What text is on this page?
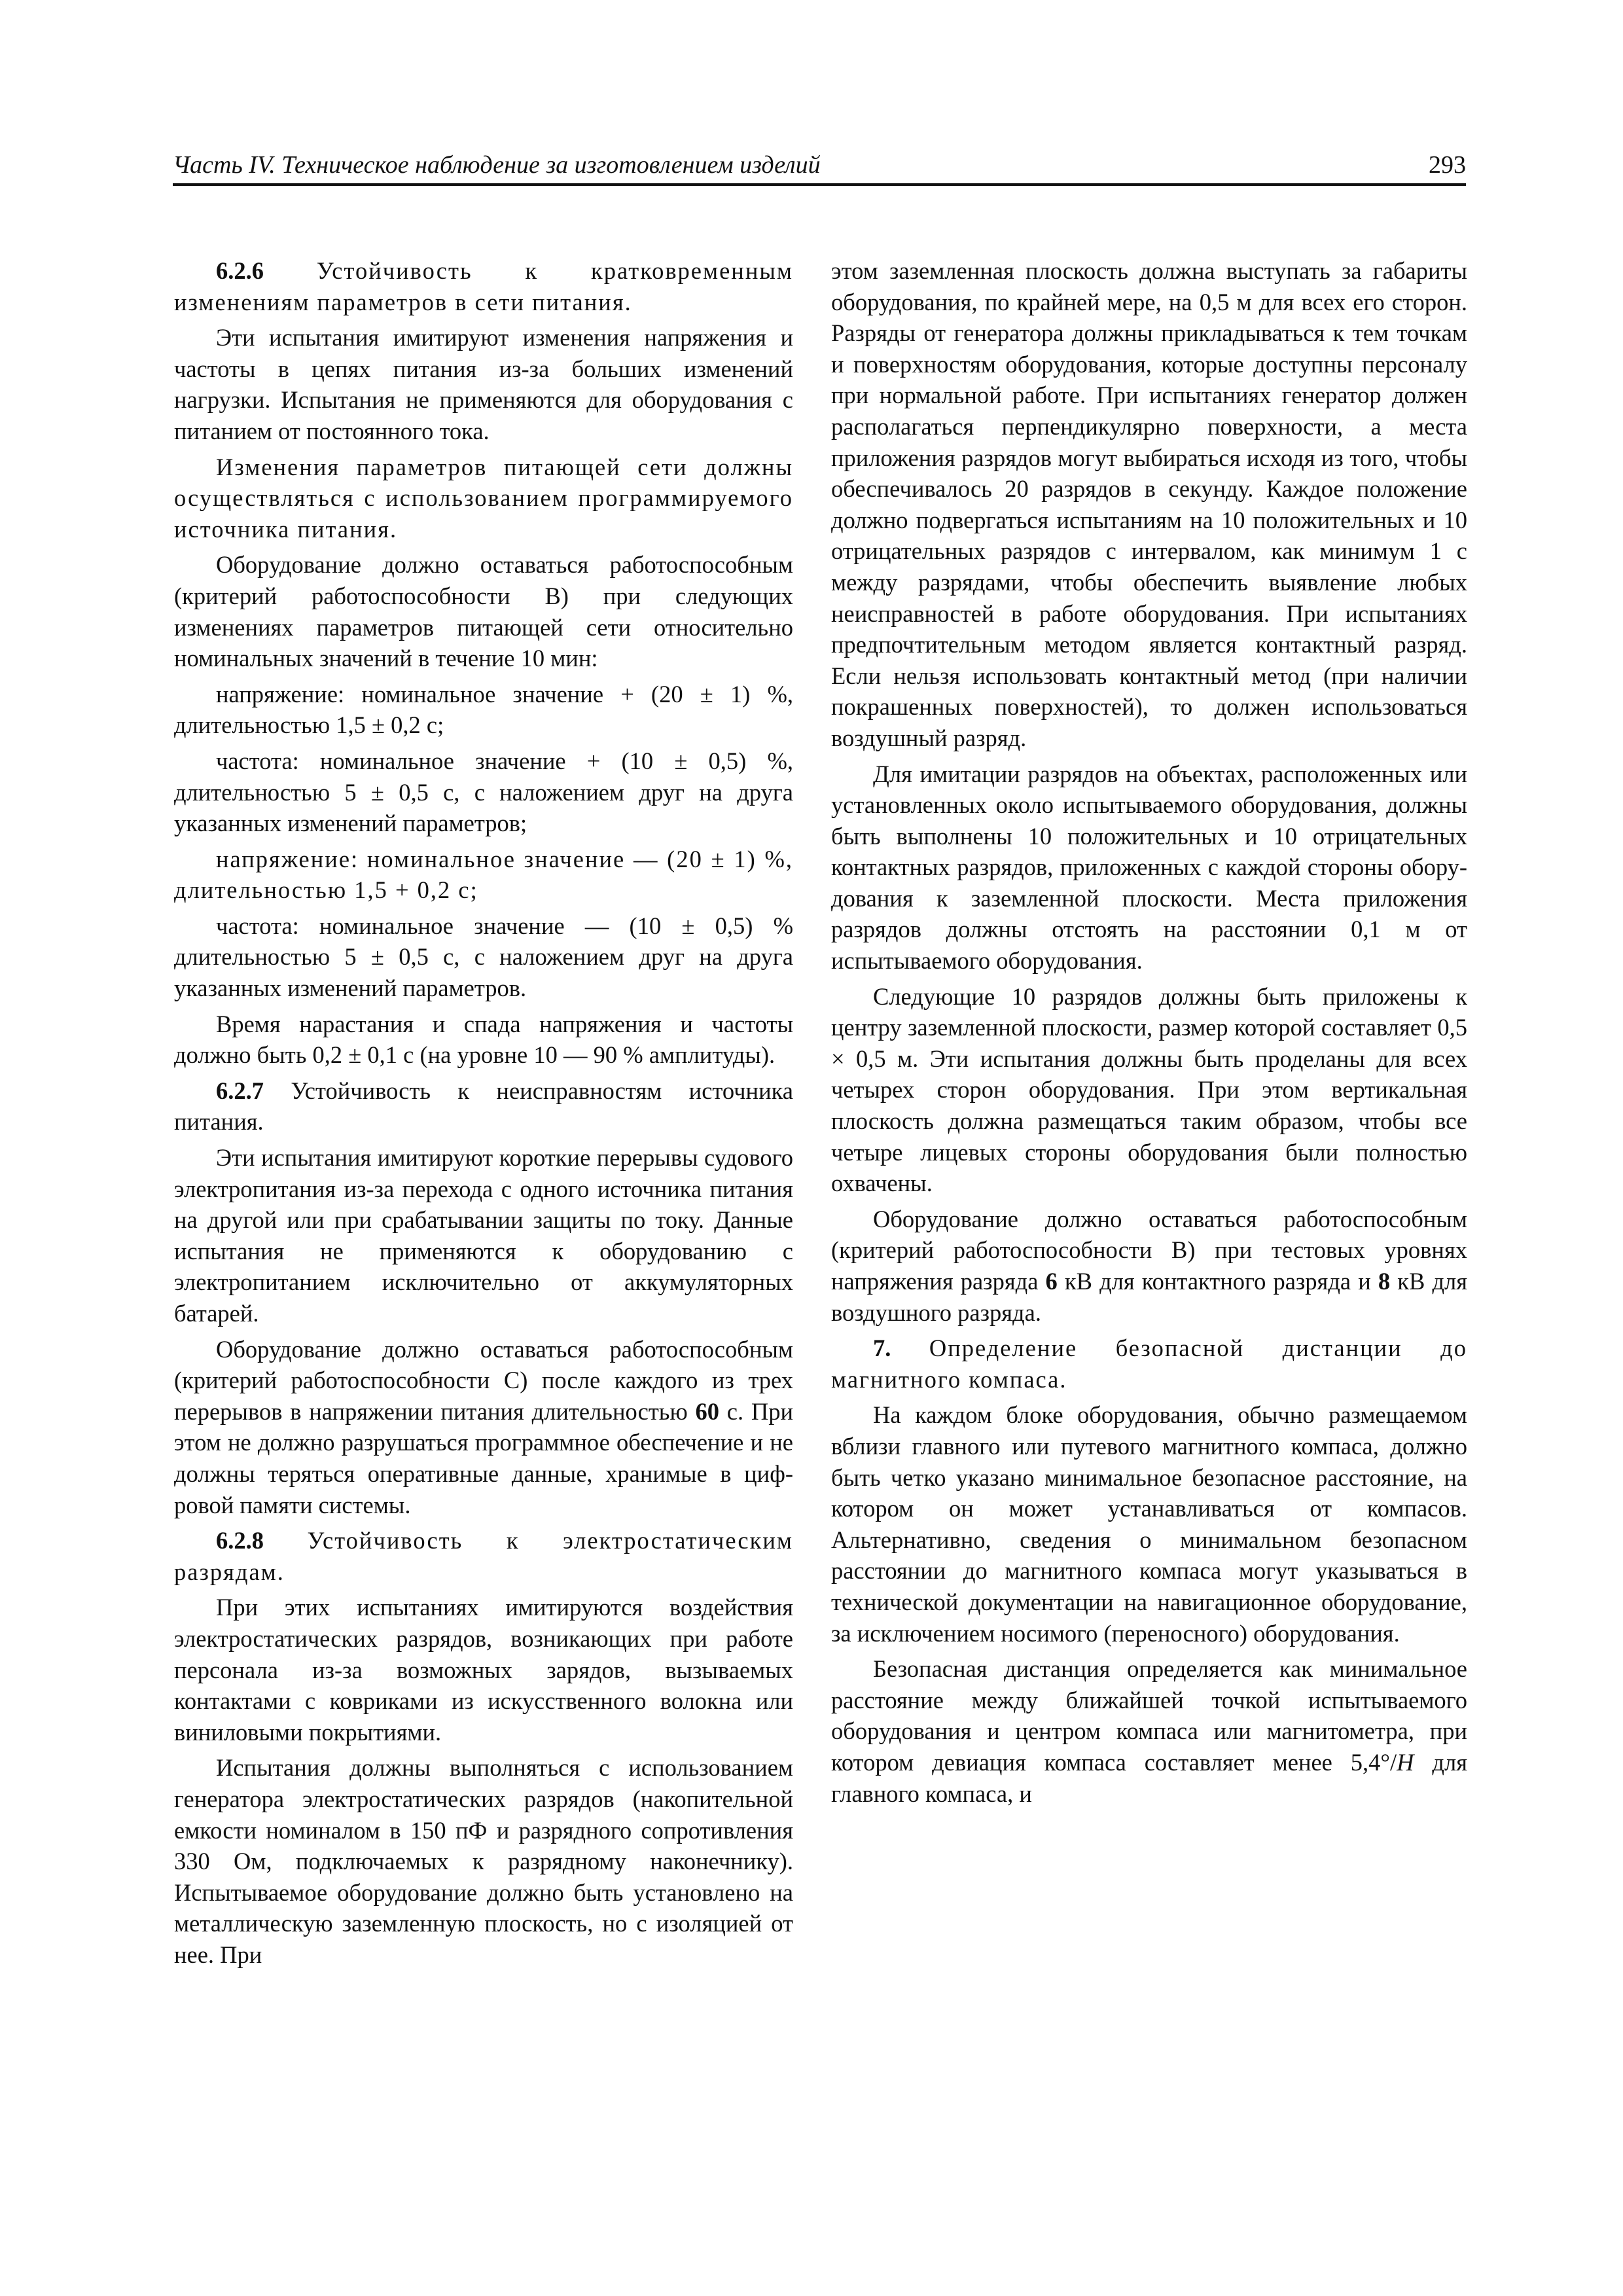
Часть IV. Техническое наблюдение за изготовлением изделий	293

6.2.6 Устойчивость к кратковременным изменениям параметров в сети питания.

Эти испытания имитируют изменения напряжения и частоты в цепях питания из-за больших изменений нагрузки. Испытания не применяются для оборудования с питанием от постоянного тока.

Изменения параметров питающей сети должны осуществляться с использованием программируемого источника питания.

Оборудование должно оставаться работоспособным (критерий работоспособности B) при следующих изменениях параметров питающей сети относительно номинальных значений в течение 10 мин:

напряжение: номинальное значение + (20 ± 1) %, длительностью 1,5 ± 0,2 с;

частота: номинальное значение + (10 ± 0,5) %, длительностью 5 ± 0,5 с, с наложением друг на друга указанных изменений параметров;

напряжение: номинальное значение — (20 ± 1) %, длительностью 1,5 + 0,2 с;

частота: номинальное значение — (10 ± 0,5) % длительностью 5 ± 0,5 с, с наложением друг на друга указанных изменений параметров.

Время нарастания и спада напряжения и частоты должно быть 0,2 ± 0,1 с (на уровне 10 — 90 % амплитуды).

6.2.7 Устойчивость к неисправностям источника питания.

Эти испытания имитируют короткие перерывы судового электропитания из-за перехода с одного источника питания на другой или при срабатывании защиты по току. Данные испытания не применяются к оборудованию с электропитанием исключительно от аккумуляторных батарей.

Оборудование должно оставаться работоспособным (критерий работоспособности C) после каждого из трех перерывов в напряжении питания длительностью 60 с. При этом не должно разрушаться программное обеспечение и не должны теряться оперативные данные, хранимые в цифровой памяти системы.

6.2.8 Устойчивость к электростатическим разрядам.

При этих испытаниях имитируются воздействия электростатических разрядов, возникающих при работе персонала из-за возможных зарядов, вызываемых контактами с ковриками из искусственного волокна или виниловыми покрытиями.

Испытания должны выполняться с использованием генератора электростатических разрядов (накопительной емкости номиналом в 150 пФ и разрядного сопротивления 330 Ом, подключаемых к разрядному наконечнику). Испытываемое оборудование должно быть установлено на металлическую заземленную плоскость, но с изоляцией от нее. При

этом заземленная плоскость должна выступать за габариты оборудования, по крайней мере, на 0,5 м для всех его сторон. Разряды от генератора должны прикладываться к тем точкам и поверхностям оборудования, которые доступны персоналу при нормальной работе. При испытаниях генератор должен располагаться перпендикулярно поверхности, а места приложения разрядов могут выбираться исходя из того, чтобы обеспечивалось 20 разрядов в секунду. Каждое положение должно подвергаться испытаниям на 10 положительных и 10 отрицательных разрядов с интервалом, как минимум 1 с между разрядами, чтобы обеспечить выявление любых неисправностей в работе оборудования. При испытаниях предпочтительным методом является контактный разряд. Если нельзя использовать контактный метод (при наличии покрашенных поверхностей), то должен использоваться воздушный разряд.

Для имитации разрядов на объектах, расположенных или установленных около испытываемого оборудования, должны быть выполнены 10 положительных и 10 отрицательных контактных разрядов, приложенных с каждой стороны оборудования к заземленной плоскости. Места приложения разрядов должны отстоять на расстоянии 0,1 м от испытываемого оборудования.

Следующие 10 разрядов должны быть приложены к центру заземленной плоскости, размер которой составляет 0,5 × 0,5 м. Эти испытания должны быть проделаны для всех четырех сторон оборудования. При этом вертикальная плоскость должна размещаться таким образом, чтобы все четыре лицевых стороны оборудования были полностью охвачены.

Оборудование должно оставаться работоспособным (критерий работоспособности B) при тестовых уровнях напряжения разряда 6 кВ для контактного разряда и 8 кВ для воздушного разряда.

7. Определение безопасной дистанции до магнитного компаса.

На каждом блоке оборудования, обычно размещаемом вблизи главного или путевого магнитного компаса, должно быть четко указано минимальное безопасное расстояние, на котором он может устанавливаться от компасов. Альтернативно, сведения о минимальном безопасном расстоянии до магнитного компаса могут указываться в технической документации на навигационное оборудование, за исключением носимого (переносного) оборудования.

Безопасная дистанция определяется как минимальное расстояние между ближайшей точкой испытываемого оборудования и центром компаса или магнитометра, при котором девиация компаса составляет менее 5,4°/H для главного компаса, и
